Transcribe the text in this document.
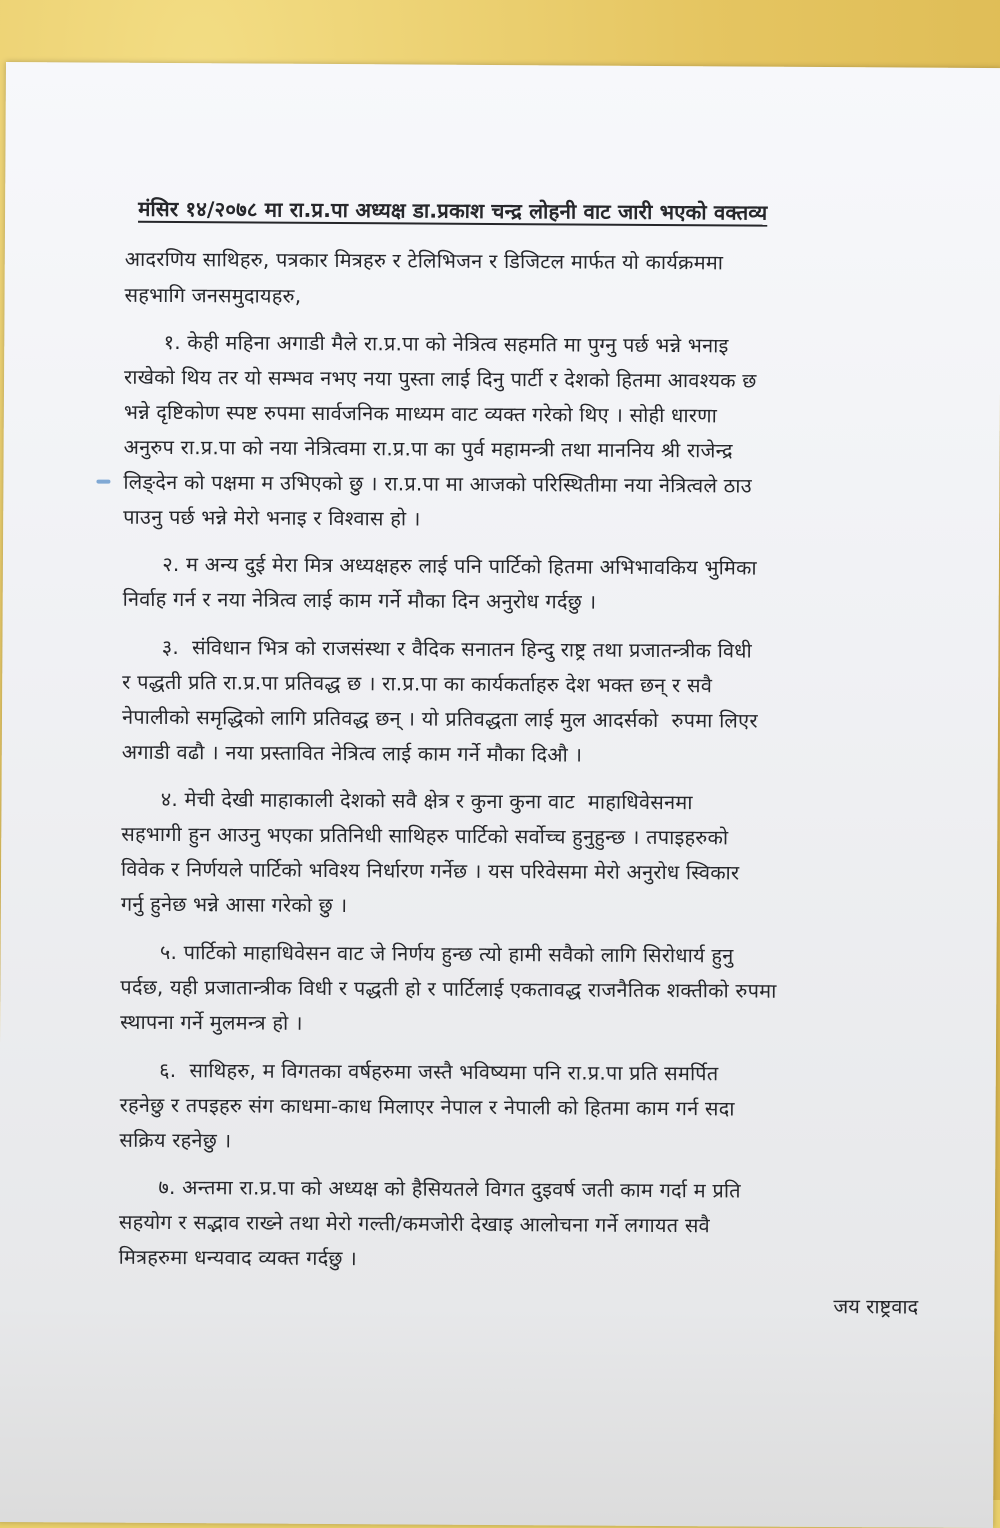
मंसिर १४/२०७८ मा रा.प्र.पा अध्यक्ष डा.प्रकाश चन्द्र लोहनी वाट जारी भएको वक्तव्य
आदरणिय साथिहरु, पत्रकार मित्रहरु र टेलिभिजन र डिजिटल मार्फत यो कार्यक्रममा
सहभागि जनसमुदायहरु,
१. केही महिना अगाडी मैले रा.प्र.पा को नेत्रित्व सहमति मा पुग्नु पर्छ भन्ने भनाइ
राखेको थिय तर यो सम्भव नभए नया पुस्ता लाई दिनु पार्टी र देशको हितमा आवश्यक छ
भन्ने दृष्टिकोण स्पष्ट रुपमा सार्वजनिक माध्यम वाट व्यक्त गरेको थिए । सोही धारणा
अनुरुप रा.प्र.पा को नया नेत्रित्वमा रा.प्र.पा का पुर्व महामन्त्री तथा माननिय श्री राजेन्द्र
लिङ्देन को पक्षमा म उभिएको छु । रा.प्र.पा मा आजको परिस्थितीमा नया नेत्रित्वले ठाउ
पाउनु पर्छ भन्ने मेरो भनाइ र विश्वास हो ।
२. म अन्य दुई मेरा मित्र अध्यक्षहरु लाई पनि पार्टिको हितमा अभिभावकिय भुमिका
निर्वाह गर्न र नया नेत्रित्व लाई काम गर्ने मौका दिन अनुरोध गर्दछु ।
३.  संविधान भित्र को राजसंस्था र वैदिक सनातन हिन्दु राष्ट्र तथा प्रजातन्त्रीक विधी
र पद्धती प्रति रा.प्र.पा प्रतिवद्ध छ । रा.प्र.पा का कार्यकर्ताहरु देश भक्त छन् र सवै
नेपालीको समृद्धिको लागि प्रतिवद्ध छन् । यो प्रतिवद्धता लाई मुल आदर्सको  रुपमा लिएर
अगाडी वढौ । नया प्रस्तावित नेत्रित्व लाई काम गर्ने मौका दिऔ ।
४. मेची देखी माहाकाली देशको सवै क्षेत्र र कुना कुना वाट  माहाधिवेसनमा
सहभागी हुन आउनु भएका प्रतिनिधी साथिहरु पार्टिको सर्वोच्च हुनुहुन्छ । तपाइहरुको
विवेक र निर्णयले पार्टिको भविश्य निर्धारण गर्नेछ । यस परिवेसमा मेरो अनुरोध स्विकार
गर्नु हुनेछ भन्ने आसा गरेको छु ।
५. पार्टिको माहाधिवेसन वाट जे निर्णय हुन्छ त्यो हामी सवैको लागि सिरोधार्य हुनु
पर्दछ, यही प्रजातान्त्रीक विधी र पद्धती हो र पार्टिलाई एकतावद्ध राजनैतिक शक्तीको रुपमा
स्थापना गर्ने मुलमन्त्र हो ।
६.  साथिहरु, म विगतका वर्षहरुमा जस्तै भविष्यमा पनि रा.प्र.पा प्रति समर्पित
रहनेछु र तपइहरु संग काधमा-काध मिलाएर नेपाल र नेपाली को हितमा काम गर्न सदा
सक्रिय रहनेछु ।
७. अन्तमा रा.प्र.पा को अध्यक्ष को हैसियतले विगत दुइवर्ष जती काम गर्दा म प्रति
सहयोग र सद्भाव राख्ने तथा मेरो गल्ती/कमजोरी देखाइ आलोचना गर्ने लगायत सवै
मित्रहरुमा धन्यवाद व्यक्त गर्दछु ।
जय राष्ट्रवाद
